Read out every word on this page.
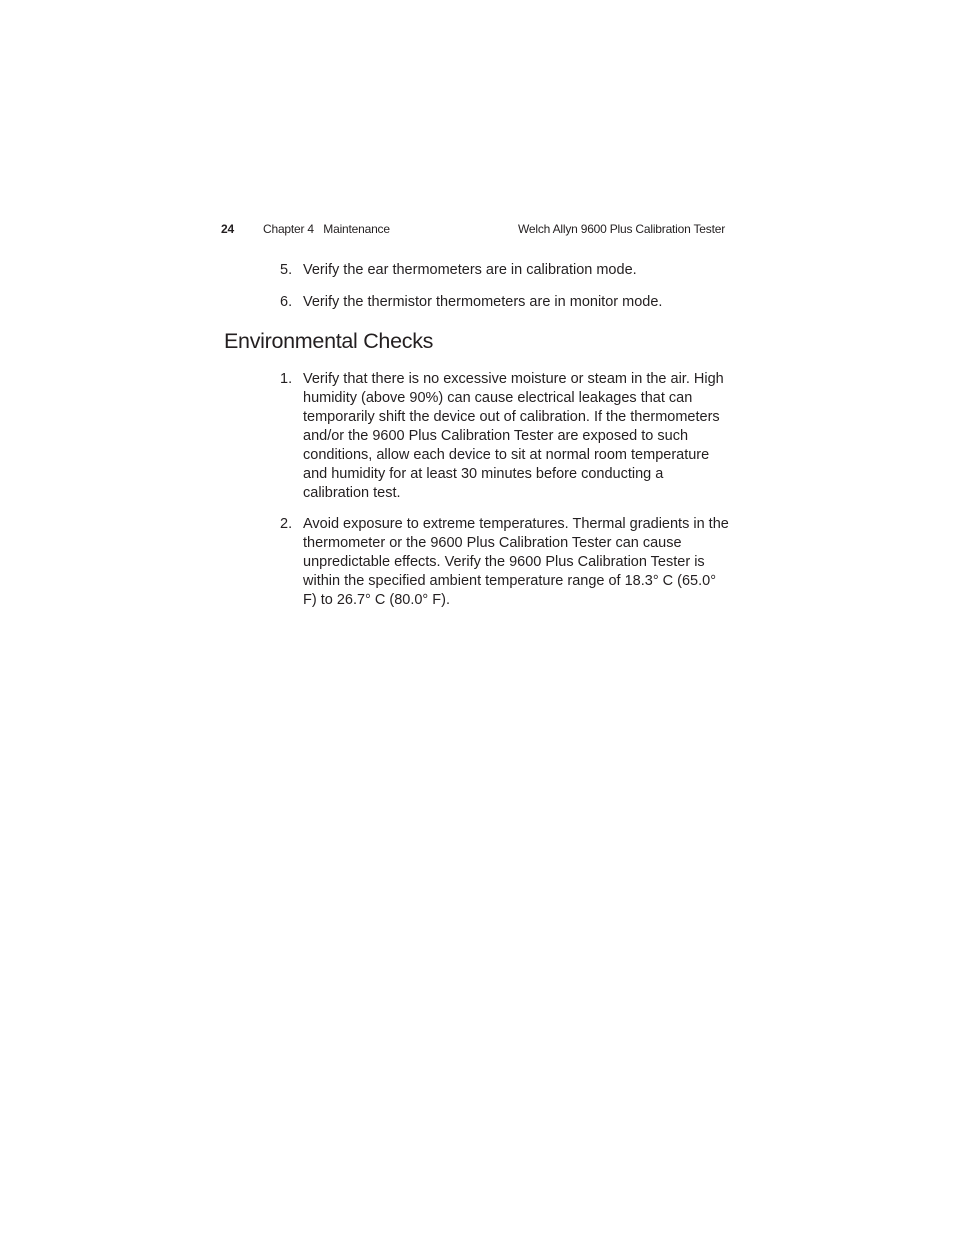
24 Chapter 4   Maintenance	Welch Allyn 9600 Plus Calibration Tester
5. Verify the ear thermometers are in calibration mode.
6. Verify the thermistor thermometers are in monitor mode.
Environmental Checks
1. Verify that there is no excessive moisture or steam in the air. High humidity (above 90%) can cause electrical leakages that can temporarily shift the device out of calibration. If the thermometers and/or the 9600 Plus Calibration Tester are exposed to such conditions, allow each device to sit at normal room temperature and humidity for at least 30 minutes before conducting a calibration test.
2. Avoid exposure to extreme temperatures. Thermal gradients in the thermometer or the 9600 Plus Calibration Tester can cause unpredictable effects. Verify the 9600 Plus Calibration Tester is within the specified ambient temperature range of 18.3° C (65.0° F) to 26.7° C (80.0° F).
